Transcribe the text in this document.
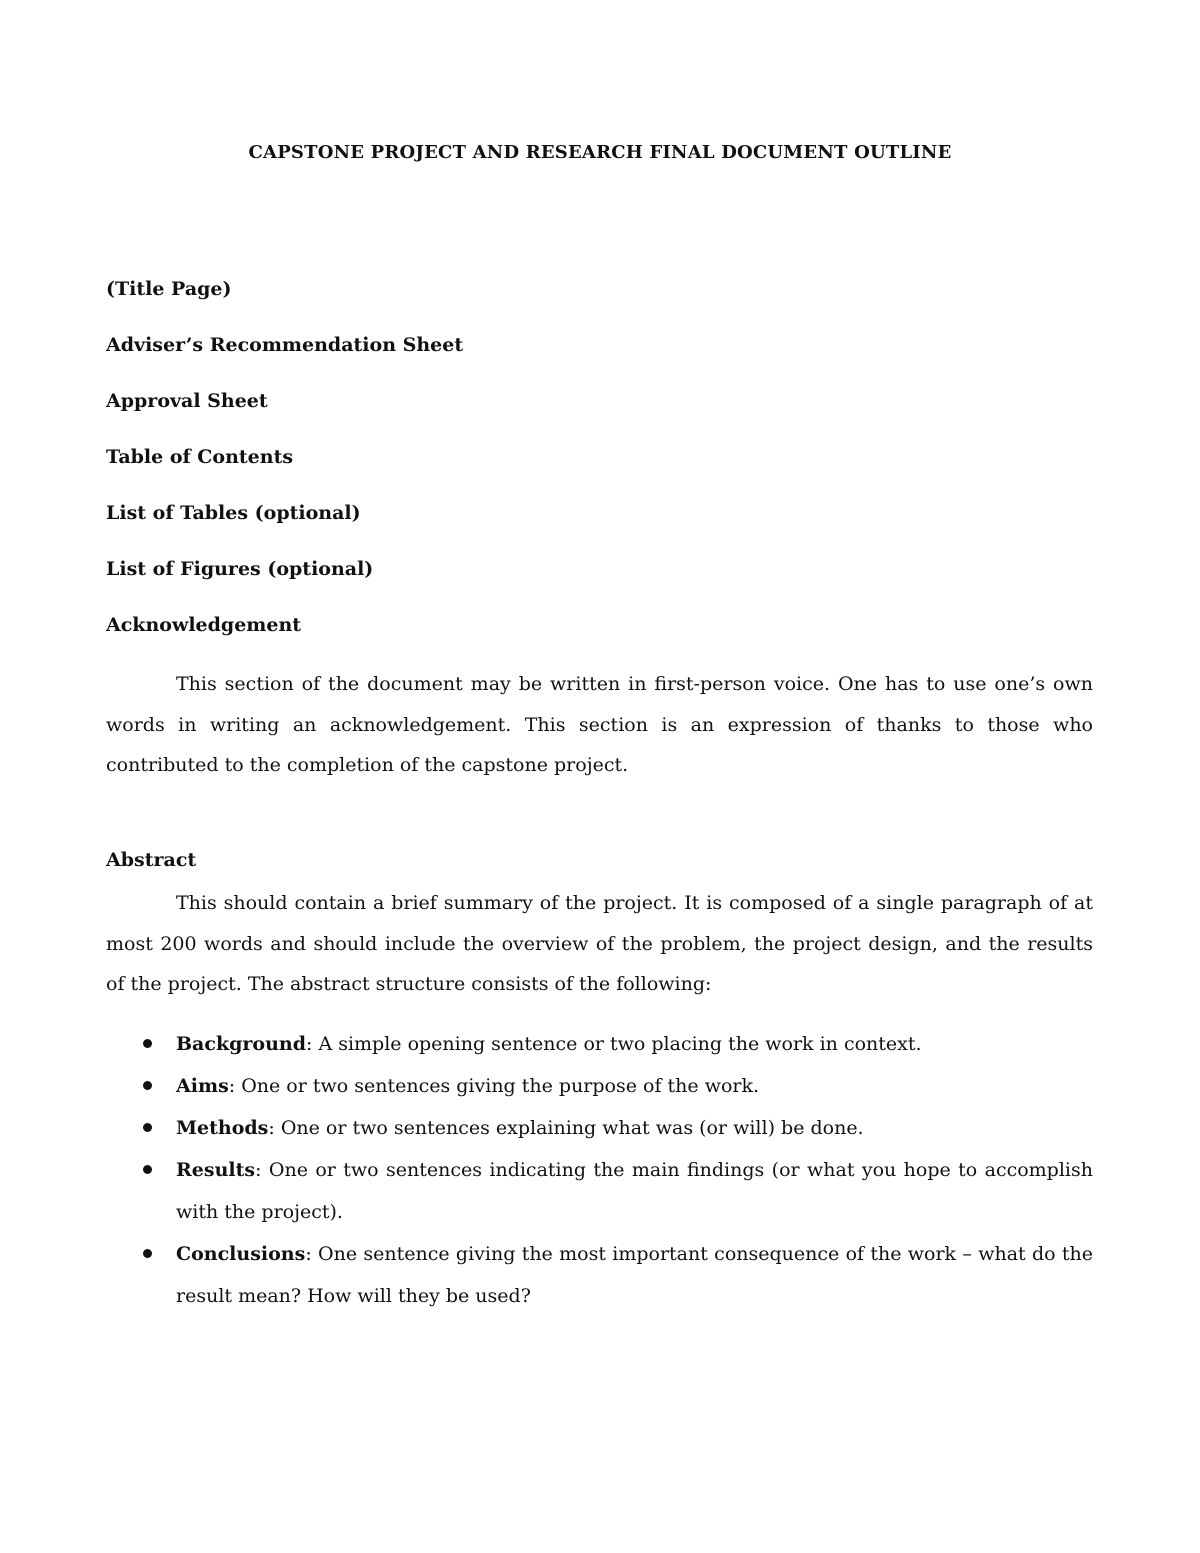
CAPSTONE PROJECT AND RESEARCH FINAL DOCUMENT OUTLINE

(Title Page)

Adviser’s Recommendation Sheet

Approval Sheet

Table of Contents

List of Tables (optional)

List of Figures (optional)

Acknowledgement

This section of the document may be written in first-person voice. One has to use one’s own words in writing an acknowledgement. This section is an expression of thanks to those who contributed to the completion of the capstone project.

Abstract

This should contain a brief summary of the project. It is composed of a single paragraph of at most 200 words and should include the overview of the problem, the project design, and the results of the project. The abstract structure consists of the following:

Background: A simple opening sentence or two placing the work in context.
Aims: One or two sentences giving the purpose of the work.
Methods: One or two sentences explaining what was (or will) be done.
Results: One or two sentences indicating the main findings (or what you hope to accomplish with the project).
Conclusions: One sentence giving the most important consequence of the work – what do the result mean? How will they be used?
